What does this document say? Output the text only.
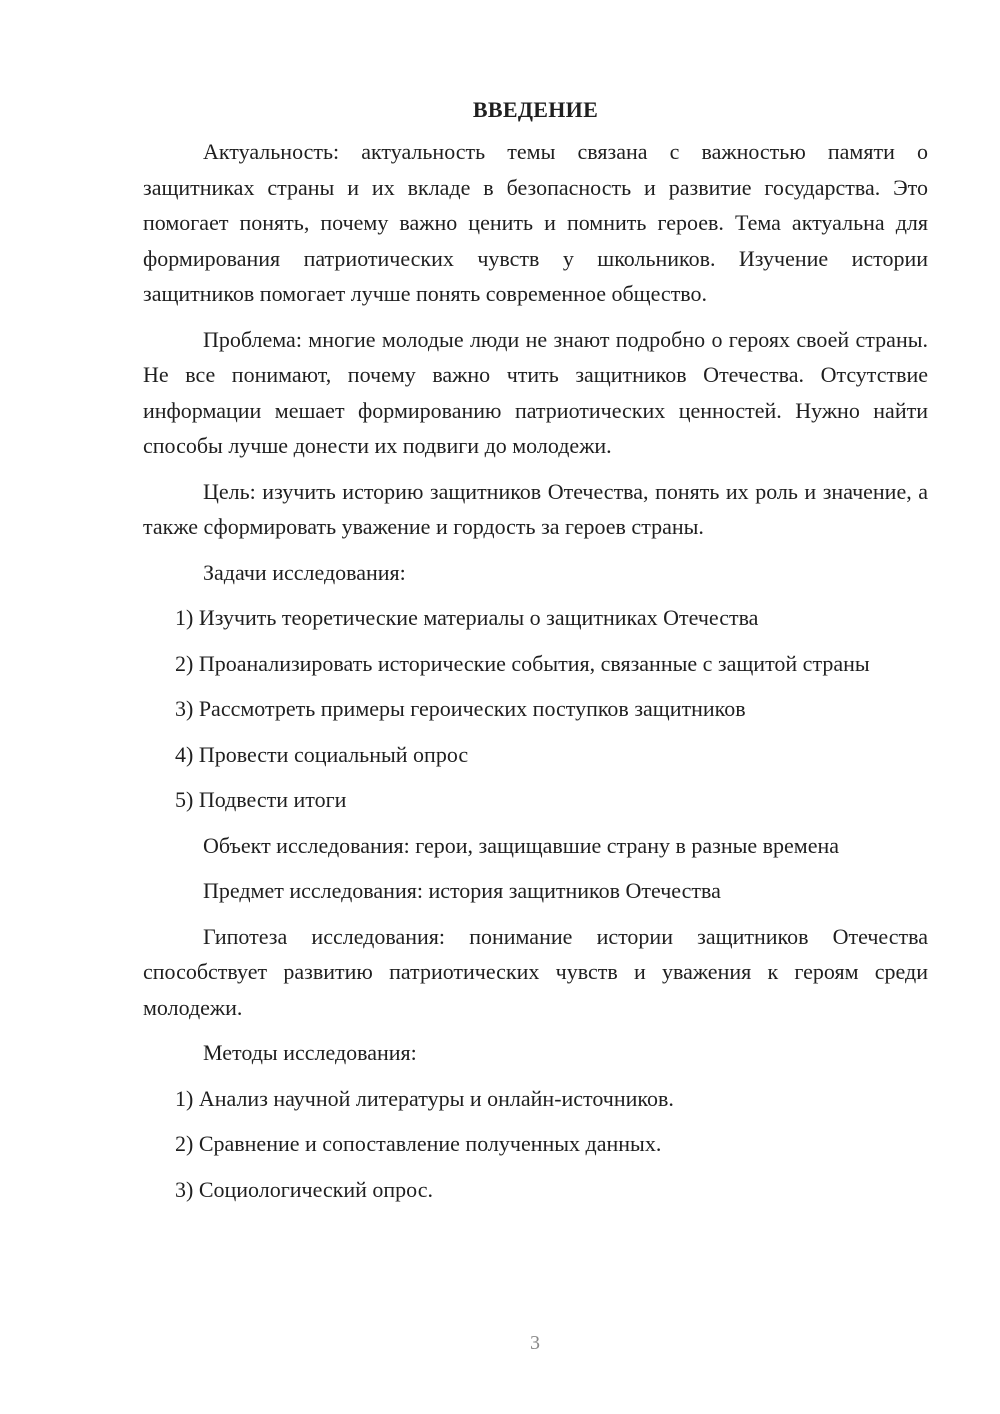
ВВЕДЕНИЕ

Актуальность: актуальность темы связана с важностью памяти о защитниках страны и их вкладе в безопасность и развитие государства. Это помогает понять, почему важно ценить и помнить героев. Тема актуальна для формирования патриотических чувств у школьников. Изучение истории защитников помогает лучше понять современное общество.

Проблема: многие молодые люди не знают подробно о героях своей страны. Не все понимают, почему важно чтить защитников Отечества. Отсутствие информации мешает формированию патриотических ценностей. Нужно найти способы лучше донести их подвиги до молодежи.

Цель: изучить историю защитников Отечества, понять их роль и значение, а также сформировать уважение и гордость за героев страны.

Задачи исследования:

1) Изучить теоретические материалы о защитниках Отечества

2) Проанализировать исторические события, связанные с защитой страны

3) Рассмотреть примеры героических поступков защитников

4) Провести социальный опрос

5) Подвести итоги

Объект исследования: герои, защищавшие страну в разные времена

Предмет исследования: история защитников Отечества

Гипотеза исследования: понимание истории защитников Отечества способствует развитию патриотических чувств и уважения к героям среди молодежи.

Методы исследования:

1) Анализ научной литературы и онлайн-источников.

2) Сравнение и сопоставление полученных данных.

3) Социологический опрос.

3
